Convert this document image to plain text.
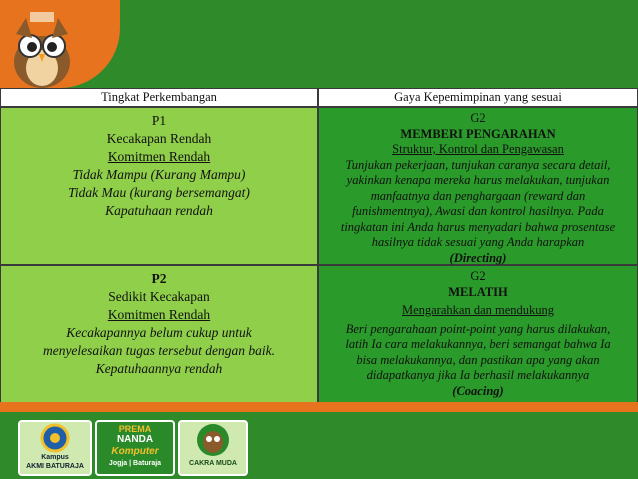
Tingkat Perkembangan	Gaya Kepemimpinan yang sesuai
P1
Kecakapan Rendah
Komitmen Rendah
Tidak Mampu (Kurang Mampu)
Tidak Mau (kurang bersemangat)
Kapatuhaan rendah
G2
MEMBERI PENGARAHAN
Struktur, Kontrol dan Pengawasan
Tunjukan pekerjaan, tunjukan caranya secara detail,
yakinkan kenapa mereka harus melakukan, tunjukan
manfaatnya dan penghargaan (reward dan
funishmentnya), Awasi dan kontrol hasilnya. Pada
tingkatan ini Anda harus menyadari bahwa prosentase
hasilnya tidak sesuai yang Anda harapkan
(Directing)
P2
Sedikit Kecakapan
Komitmen Rendah
Kecakapannya belum cukup untuk
menyelesaikan tugas tersebut dengan baik.
Kepatuhaannya rendah
G2
MELATIH
Mengarahkan dan mendukung
Beri pengarahaan point-point yang harus dilakukan,
latih Ia cara melakukannya, beri semangat bahwa Ia
bisa melakukannya, dan pastikan apa yang akan
didapatkanya jika Ia berhasil melakukannya
(Coacing)
Kampus
AKMI BATURAJA
PREMA
NANDA
Komputer
Jogja | Baturaja	CAKRA MUDA
